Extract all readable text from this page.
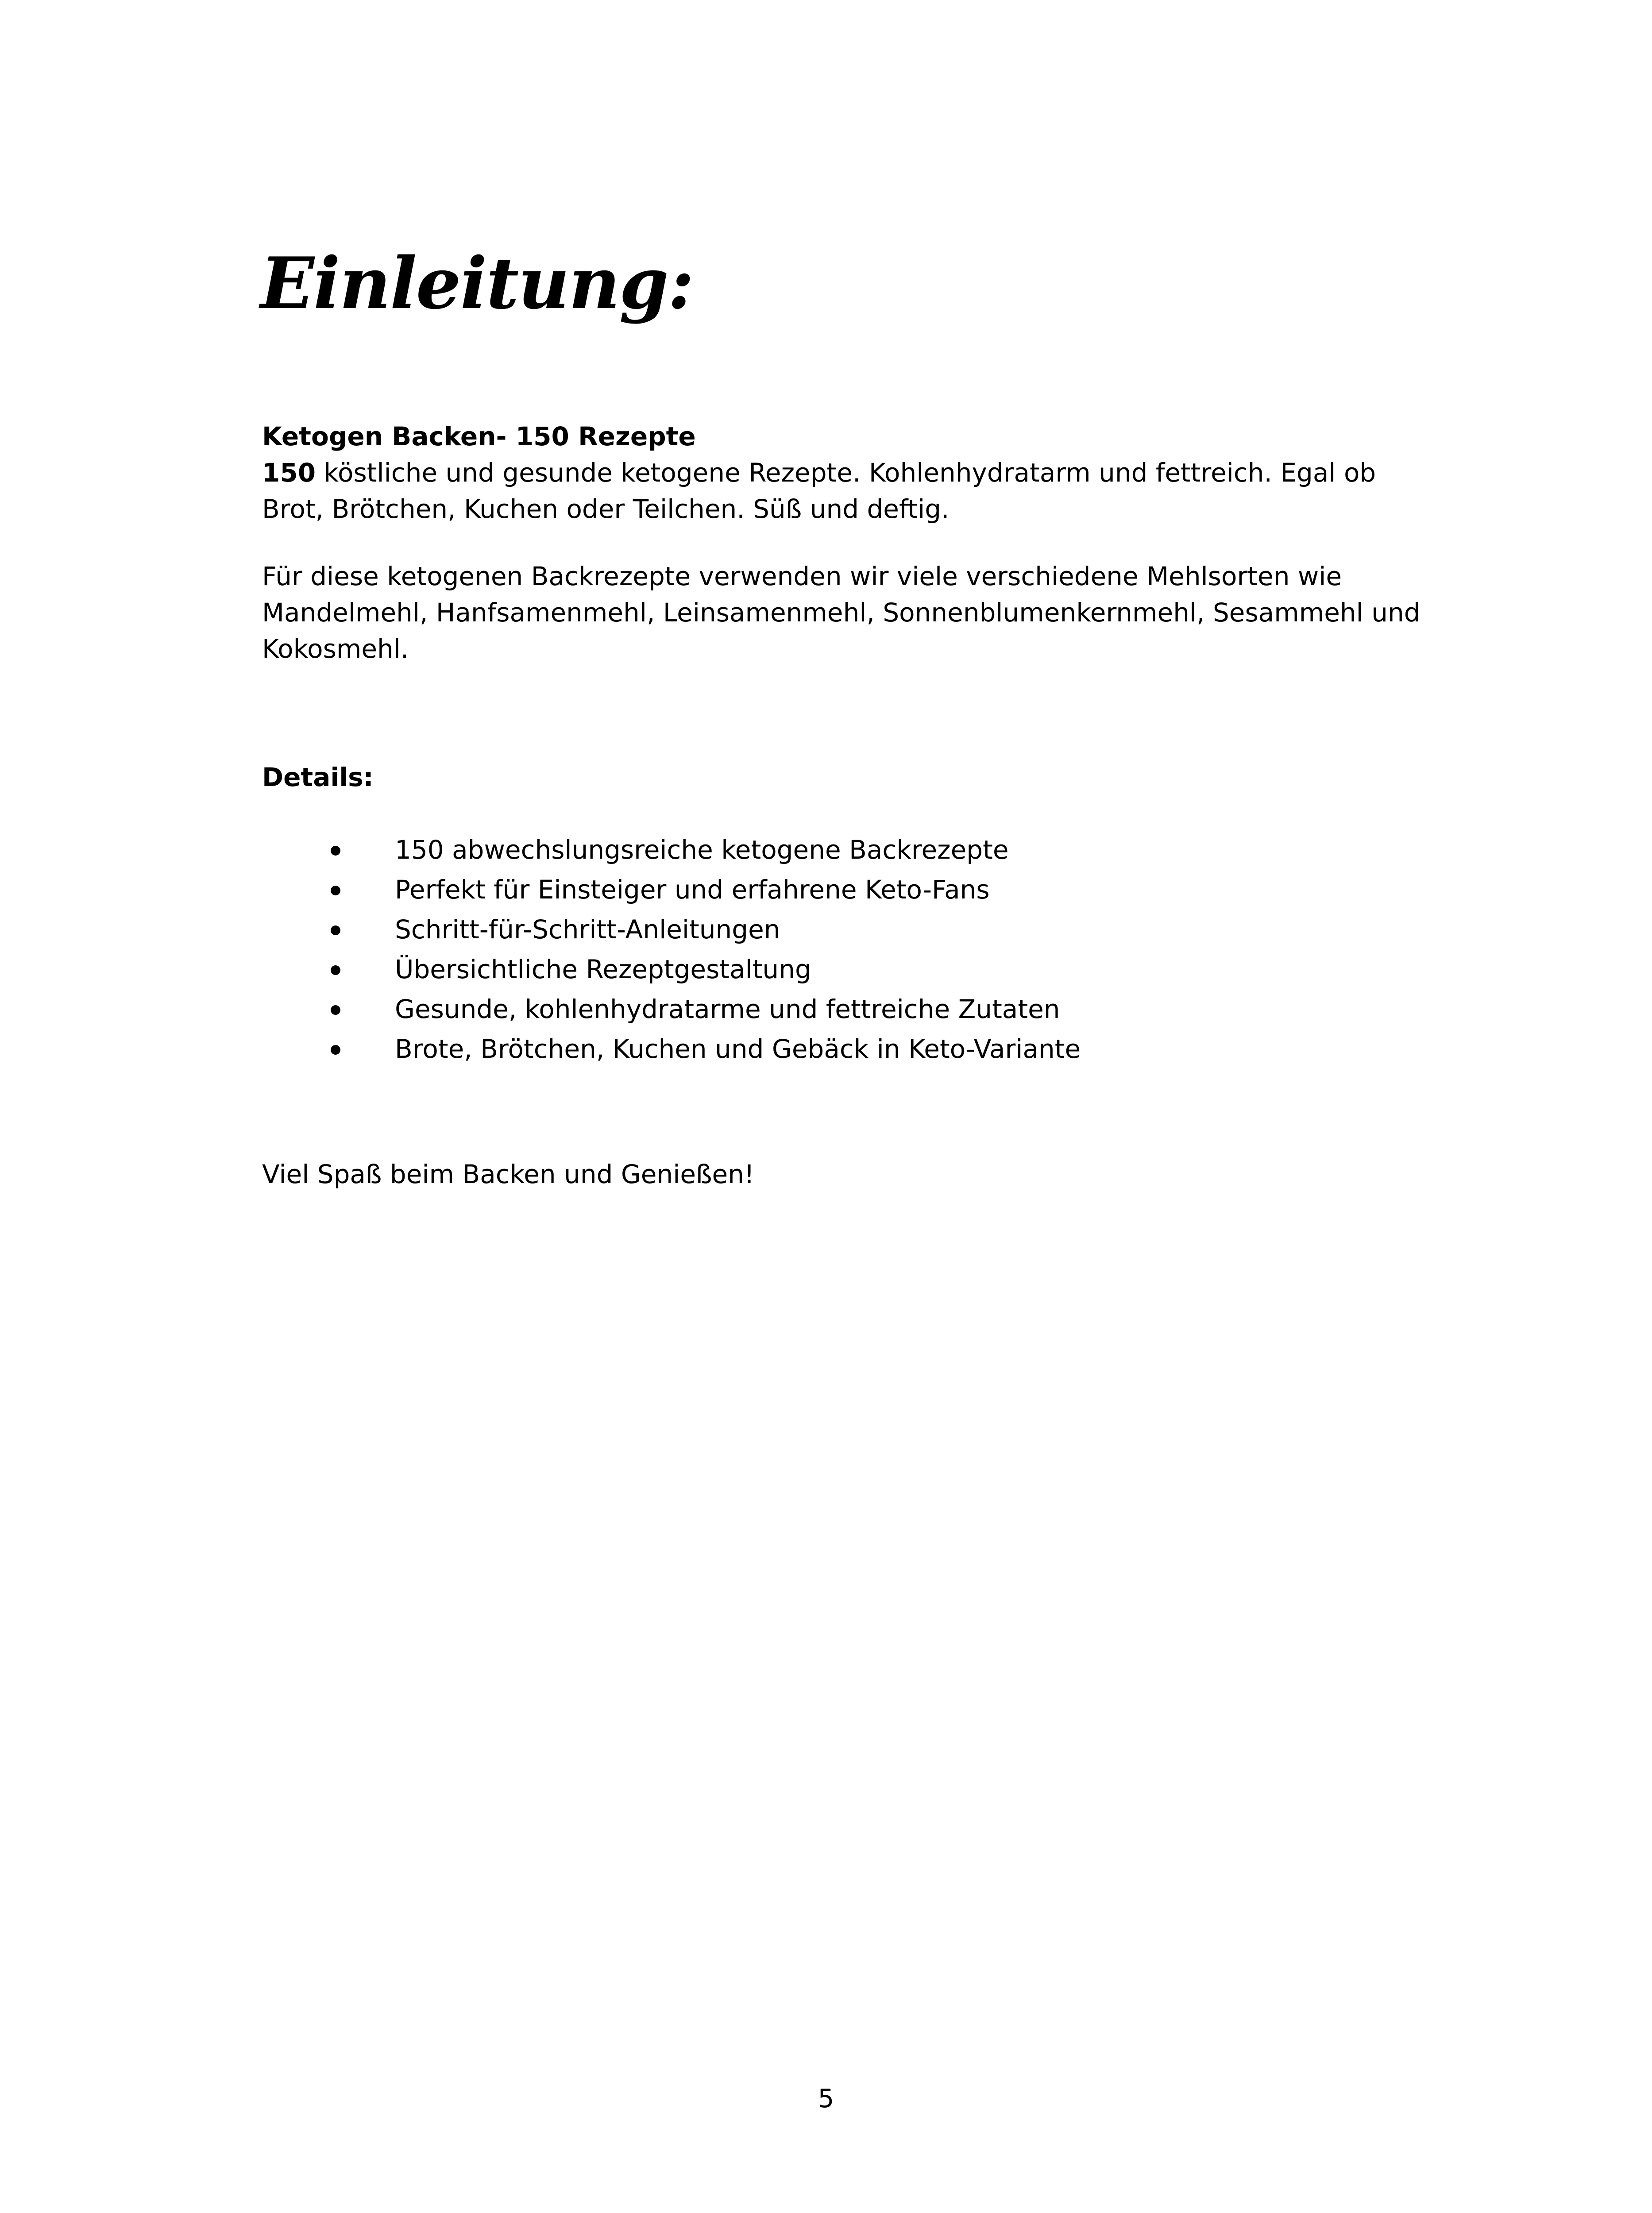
Einleitung:

Ketogen Backen- 150 Rezepte

150 köstliche und gesunde ketogene Rezepte. Kohlenhydratarm und fettreich. Egal ob Brot, Brötchen, Kuchen oder Teilchen. Süß und deftig.

Für diese ketogenen Backrezepte verwenden wir viele verschiedene Mehlsorten wie Mandelmehl, Hanfsamenmehl, Leinsamenmehl, Sonnenblumenkernmehl, Sesammehl und Kokosmehl.

Details:
150 abwechslungsreiche ketogene Backrezepte
Perfekt für Einsteiger und erfahrene Keto-Fans
Schritt-für-Schritt-Anleitungen
Übersichtliche Rezeptgestaltung
Gesunde, kohlenhydratarme und fettreiche Zutaten
Brote, Brötchen, Kuchen und Gebäck in Keto-Variante

Viel Spaß beim Backen und Genießen!

5
